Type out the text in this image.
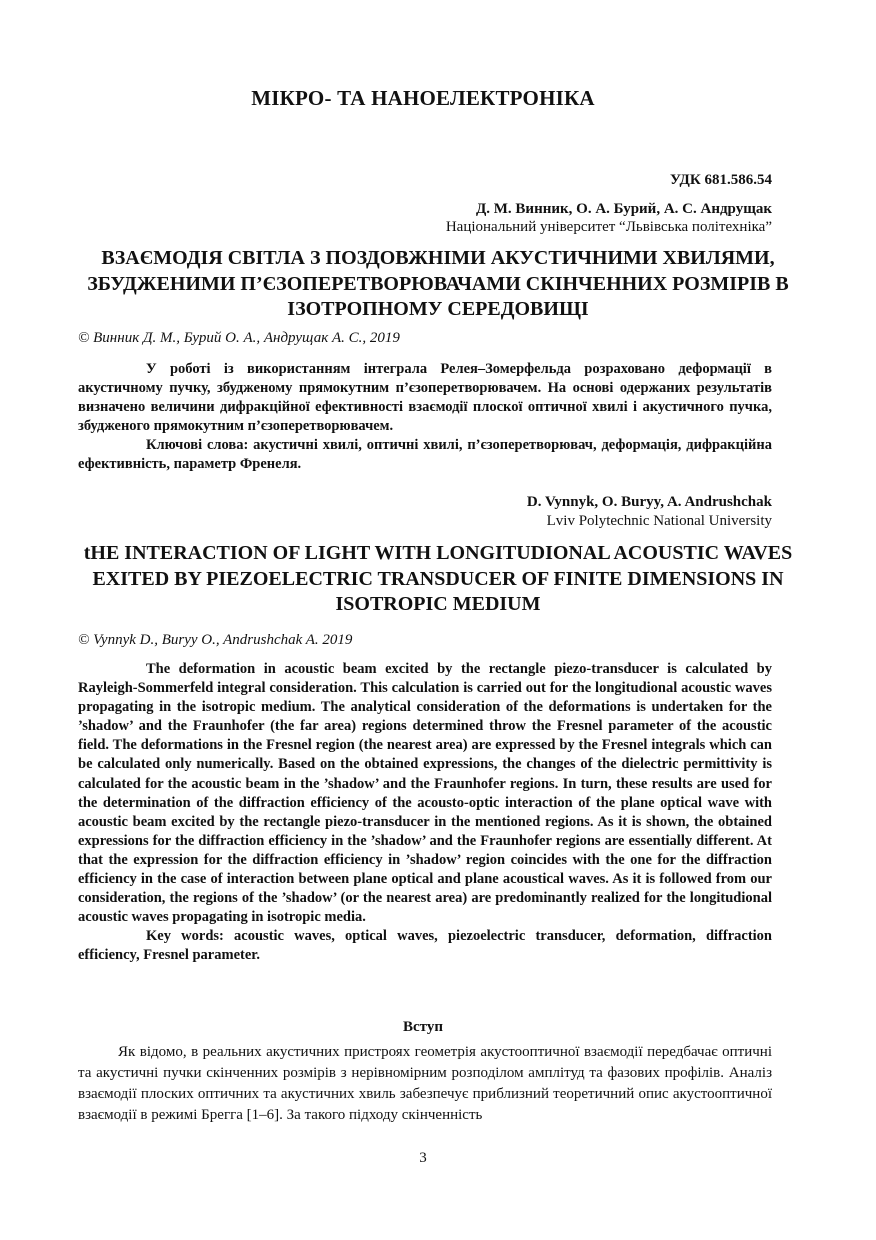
МІКРО- ТА НАНОЕЛЕКТРОНІКА
УДК 681.586.54
Д. М. Винник, О. А. Бурий, А. С. Андрущак
Національний університет “Львівська політехніка”
ВЗАЄМОДІЯ СВІТЛА З ПОЗДОВЖНІМИ АКУСТИЧНИМИ ХВИЛЯМИ, ЗБУДЖЕНИМИ П’ЄЗОПЕРЕТВОРЮВАЧАМИ СКІНЧЕННИХ РОЗМІРІВ В ІЗОТРОПНОМУ СЕРЕДОВИЩІ
© Винник Д. М., Бурий О. А., Андрущак А. С., 2019

У роботі із використанням інтеграла Релея–Зомерфельда розраховано деформації в акустичному пучку, збудженому прямокутним п’єзоперетворювачем. На основі одержаних результатів визначено величини дифракційної ефективності взаємодії плоскої оптичної хвилі і акустичного пучка, збудженого прямокутним п’єзоперетворювачем.

Ключові слова: акустичні хвилі, оптичні хвилі, п’єзоперетворювач, деформація, дифракційна ефективність, параметр Френеля.

D. Vynnyk, O. Buryy, A. Andrushchak
Lviv Polytechnic National University
tHE INTERACTION OF LIGHT WITH LONGITUDIONAL ACOUSTIC WAVES EXITED BY PIEZOELECTRIC TRANSDUCER OF FINITE DIMENSIONS IN ISOTROPIC MEDIUM
© Vynnyk D., Buryy O., Andrushchak A. 2019

The deformation in acoustic beam excited by the rectangle piezo-transducer is calculated by Rayleigh-Sommerfeld integral consideration. This calculation is carried out for the longitudional acoustic waves propagating in the isotropic medium. The analytical consideration of the deformations is undertaken for the ’shadow’ and the Fraunhofer (the far area) regions determined throw the Fresnel parameter of the acoustic field. The deformations in the Fresnel region (the nearest area) are expressed by the Fresnel integrals which can be calculated only numerically. Based on the obtained expressions, the changes of the dielectric permittivity is calculated for the acoustic beam in the ’shadow’ and the Fraunhofer regions. In turn, these results are used for the determination of the diffraction efficiency of the acousto-optic interaction of the plane optical wave with acoustic beam excited by the rectangle piezo-transducer in the mentioned regions. As it is shown, the obtained expressions for the diffraction efficiency in the ’shadow’ and the Fraunhofer regions are essentially different. At that the expression for the diffraction efficiency in ’shadow’ region coincides with the one for the diffraction efficiency in the case of interaction between plane optical and plane acoustical waves. As it is followed from our consideration, the regions of the ’shadow’ (or the nearest area) are predominantly realized for the longitudional acoustic waves propagating in isotropic media.

Key words: acoustic waves, optical waves, piezoelectric transducer, deformation, diffraction efficiency, Fresnel parameter.

Вступ

Як відомо, в реальних акустичних пристроях геометрія акустооптичної взаємодії передбачає оптичні та акустичні пучки скінченних розмірів з нерівномірним розподілом амплітуд та фазових профілів. Аналіз взаємодії плоских оптичних та акустичних хвиль забезпечує приблизний теоретичний опис акустооптичної взаємодії в режимі Брегга [1–6]. За такого підходу скінченність

3
